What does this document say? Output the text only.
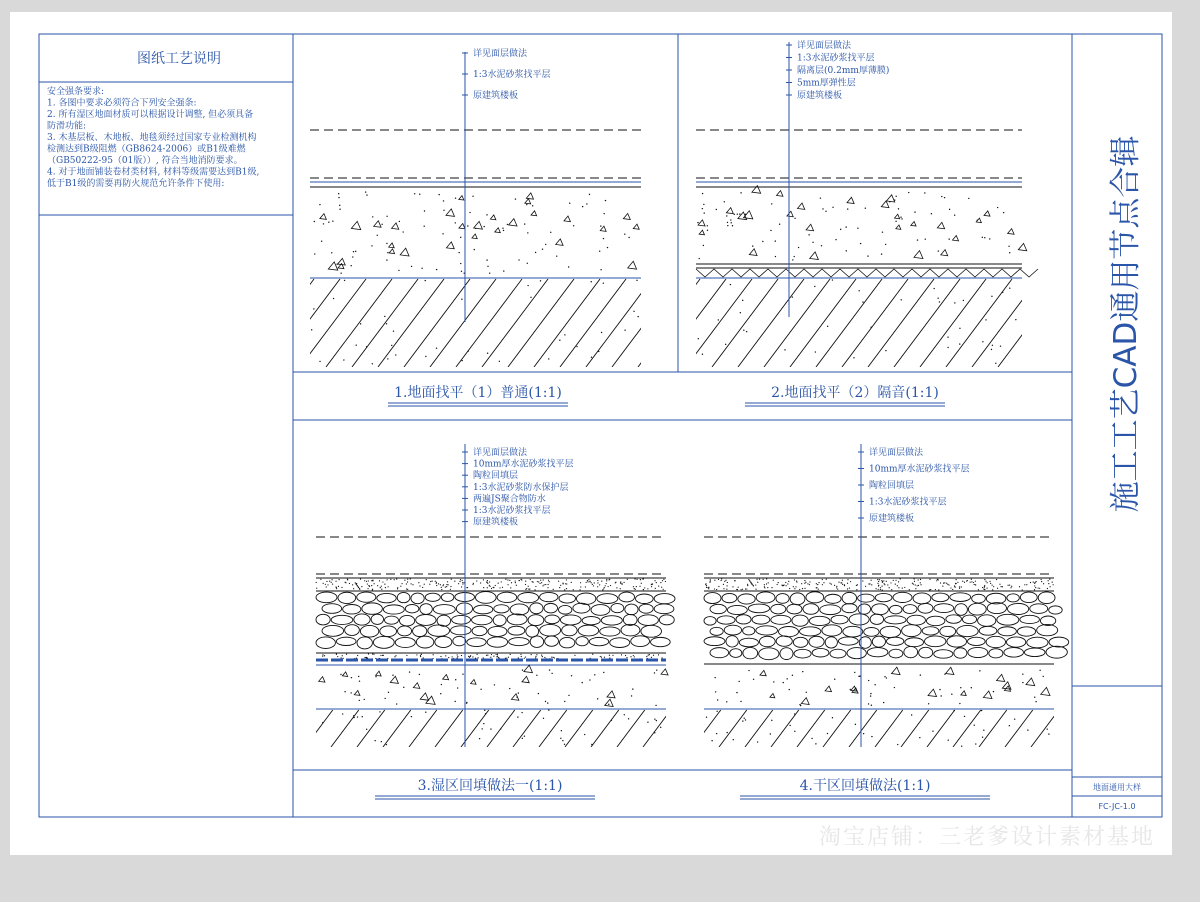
图纸工艺说明
安全强条要求:
1. 各图中要求必须符合下列安全强条:
2. 所有湿区地面材质可以根据设计调整, 但必须具备
防滑功能:
3. 木基层板、木地板、地毯须经过国家专业检测机构
检测达到B级阻燃（GB8624-2006）或B1级难燃
（GB50222-95（01版））, 符合当地消防要求。
4. 对于地面铺装卷材类材料, 材料等级需要达到B1级,
低于B1级的需要再防火规范允许条件下使用:	施工工艺CAD通用节点合辑
地面通用大样
FC-JC-1.0
详见面层做法
1:3水泥砂浆找平层
原建筑楼板
1.地面找平（1）普通(1:1)
详见面层做法
1:3水泥砂浆找平层
隔离层(0.2mm厚薄膜)
5mm厚弹性层
原建筑楼板
2.地面找平（2）隔音(1:1)
详见面层做法
10mm厚水泥砂浆找平层
陶粒回填层
1:3水泥砂浆防水保护层
两遍JS聚合物防水
1:3水泥砂浆找平层
原建筑楼板
3.湿区回填做法一(1:1)
详见面层做法
10mm厚水泥砂浆找平层
陶粒回填层
1:3水泥砂浆找平层
原建筑楼板
4.干区回填做法(1:1)
淘宝店铺：三老爹设计素材基地
